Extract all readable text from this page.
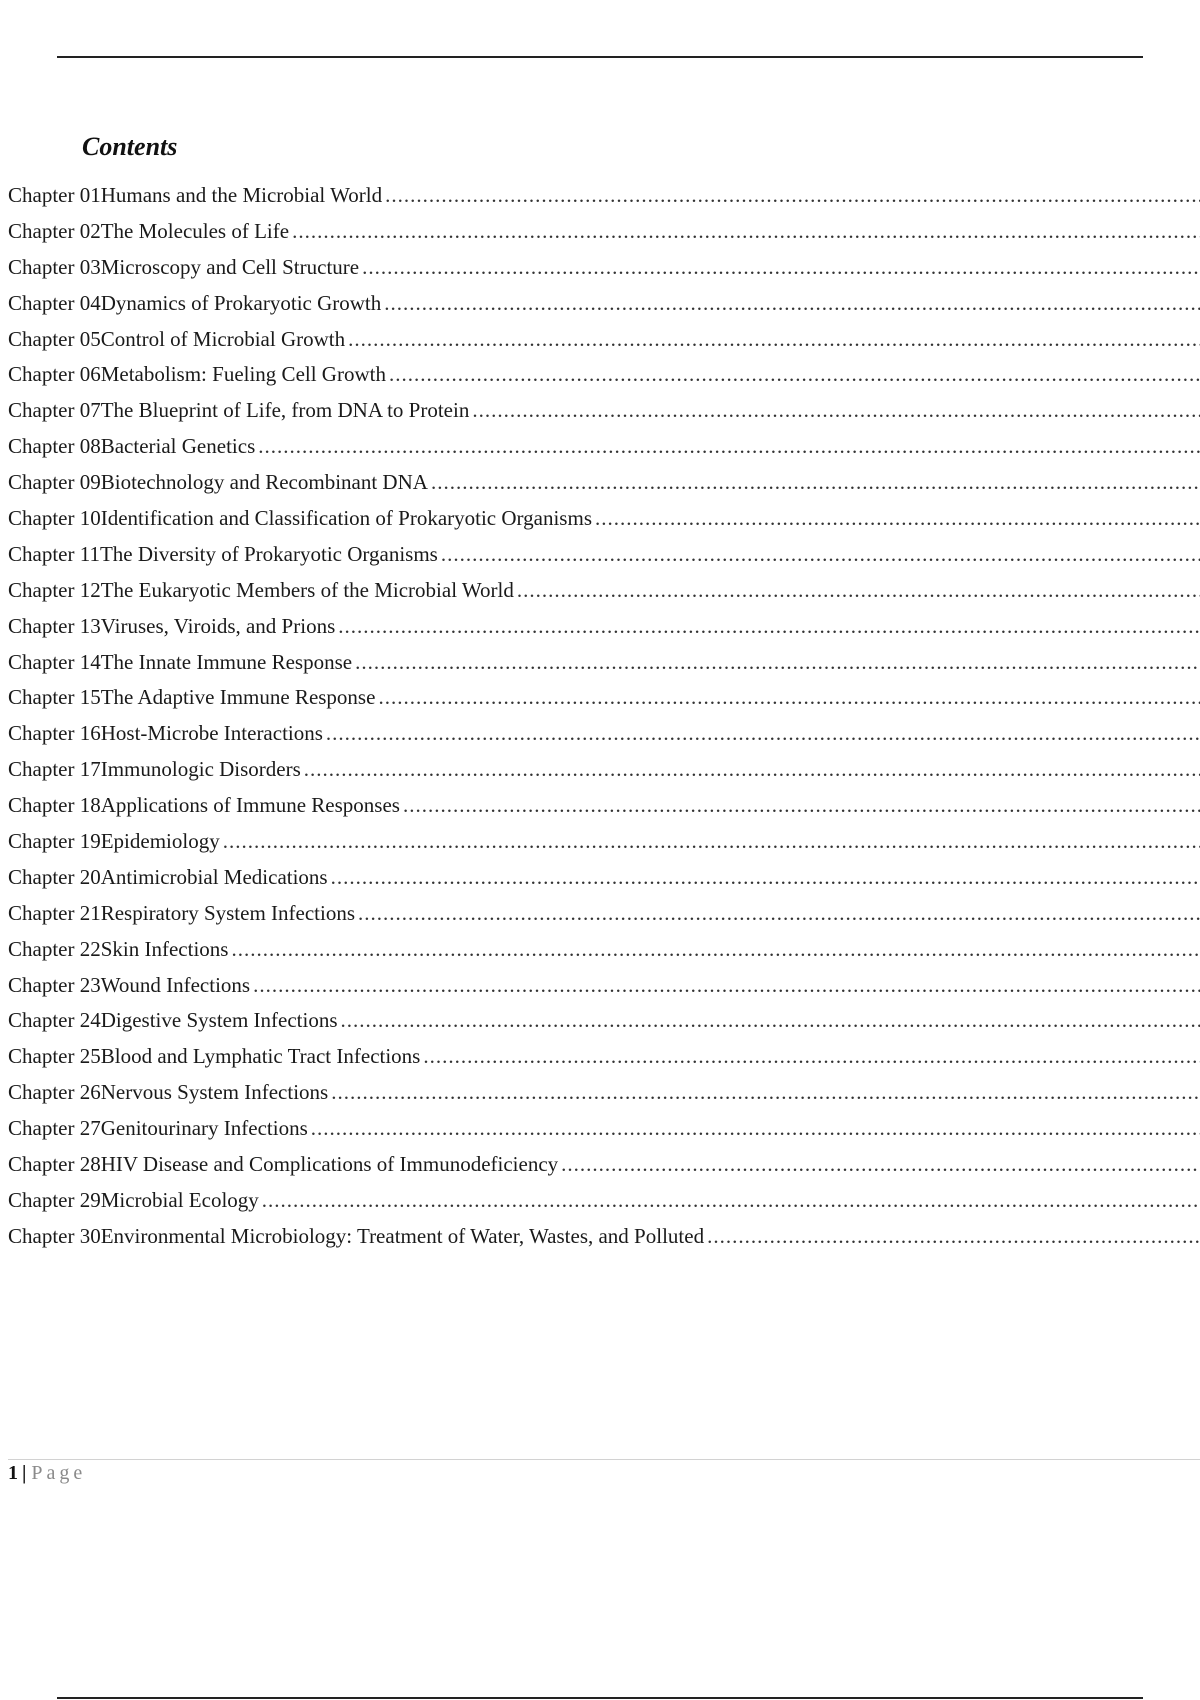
Contents
Chapter 01 Humans and the Microbial World
.....
Chapter 02 The Molecules of Life
.....
Chapter 03 Microscopy and Cell Structure
.....
Chapter 04 Dynamics of Prokaryotic Growth
.....
Chapter 05 Control of Microbial Growth
.....
Chapter 06 Metabolism: Fueling Cell Growth
.....
Chapter 07 The Blueprint of Life, from DNA to Protein
.....
Chapter 08 Bacterial Genetics
.....
Chapter 09 Biotechnology and Recombinant DNA
.....
Chapter 10 Identification and Classification of Prokaryotic Organisms
.....
Chapter 11 The Diversity of Prokaryotic Organisms
.....
Chapter 12 The Eukaryotic Members of the Microbial World
.....
Chapter 13 Viruses, Viroids, and Prions
.....
Chapter 14 The Innate Immune Response
.....
Chapter 15 The Adaptive Immune Response
.....
Chapter 16 Host-Microbe Interactions
.....
Chapter 17 Immunologic Disorders
.....
Chapter 18 Applications of Immune Responses
.....
Chapter 19 Epidemiology
.....
Chapter 20 Antimicrobial Medications
.....
Chapter 21 Respiratory System Infections
.....
Chapter 22 Skin Infections
.....
Chapter 23 Wound Infections
.....
Chapter 24 Digestive System Infections
.....
Chapter 25 Blood and Lymphatic Tract Infections
.....
Chapter 26 Nervous System Infections
.....
Chapter 27 Genitourinary Infections
.....
Chapter 28 HIV Disease and Complications of Immunodeficiency
.....
Chapter 29 Microbial Ecology
.....
Chapter 30 Environmental Microbiology: Treatment of Water, Wastes, and Polluted
.....
1 | Page
